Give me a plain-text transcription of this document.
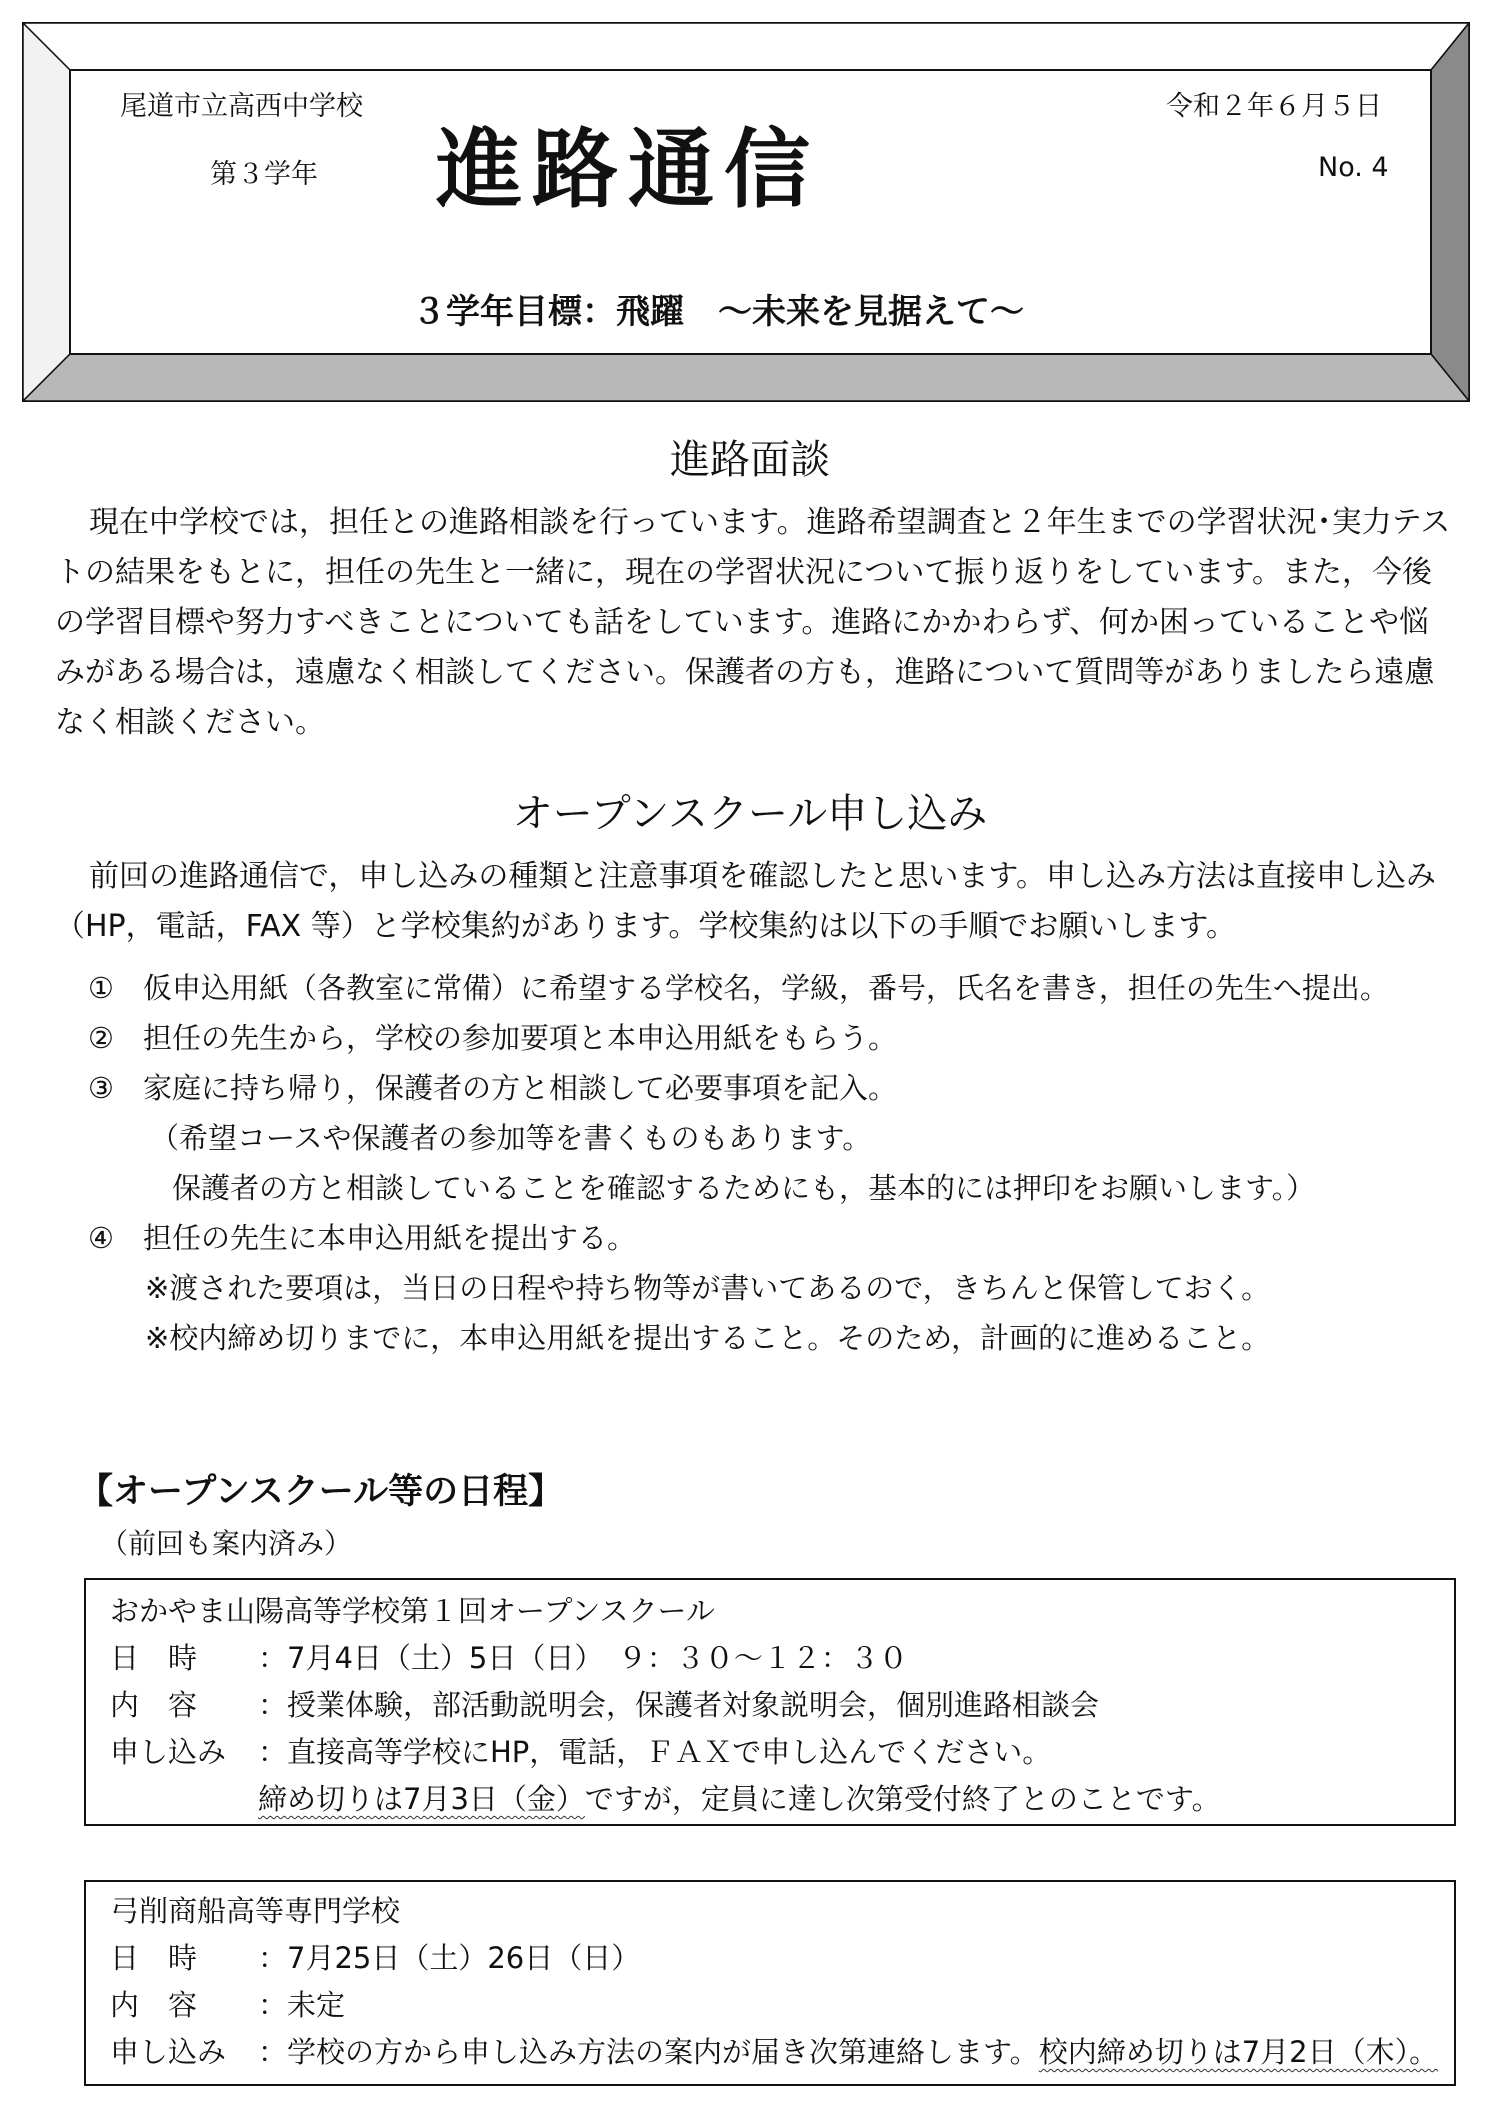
尾道市立高西中学校
第３学年 進路通信
令和２年６月５日
No. 4
３学年目標：飛躍　～未来を見据えて～
進路面談

現在中学校では，担任との進路相談を行っています。進路希望調査と２年生までの学習状況･実力テストの結果をもとに，担任の先生と一緒に，現在の学習状況について振り返りをしています。また，今後の学習目標や努力すべきことについても話をしています。進路にかかわらず、何か困っていることや悩みがある場合は，遠慮なく相談してください。保護者の方も，進路について質問等がありましたら遠慮なく相談ください。

オープンスクール申し込み

前回の進路通信で，申し込みの種類と注意事項を確認したと思います。申し込み方法は直接申し込み（HP，電話，FAX 等）と学校集約があります。学校集約は以下の手順でお願いします。

①　仮申込用紙（各教室に常備）に希望する学校名，学級，番号，氏名を書き，担任の先生へ提出。
②　担任の先生から，学校の参加要項と本申込用紙をもらう。
③　家庭に持ち帰り，保護者の方と相談して必要事項を記入。
（希望コースや保護者の参加等を書くものもあります。
保護者の方と相談していることを確認するためにも，基本的には押印をお願いします。）
④　担任の先生に本申込用紙を提出する。
※渡された要項は，当日の日程や持ち物等が書いてあるので，きちんと保管しておく。
※校内締め切りまでに，本申込用紙を提出すること。そのため，計画的に進めること。
【オープンスクール等の日程】
（前回も案内済み）
おかやま山陽高等学校第１回オープンスクール
日　時 ：7月4日（土）5日（日）　９：３０～１２：３０
内　容 ：授業体験，部活動説明会，保護者対象説明会，個別進路相談会
申し込み ：直接高等学校にHP，電話，ＦＡＸで申し込んでください。
締め切りは7月3日（金）ですが，定員に達し次第受付終了とのことです。
弓削商船高等専門学校
日　時 ：7月25日（土）26日（日）
内　容 ：未定
申し込み ：学校の方から申し込み方法の案内が届き次第連絡します。校内締め切りは7月2日（木）。
